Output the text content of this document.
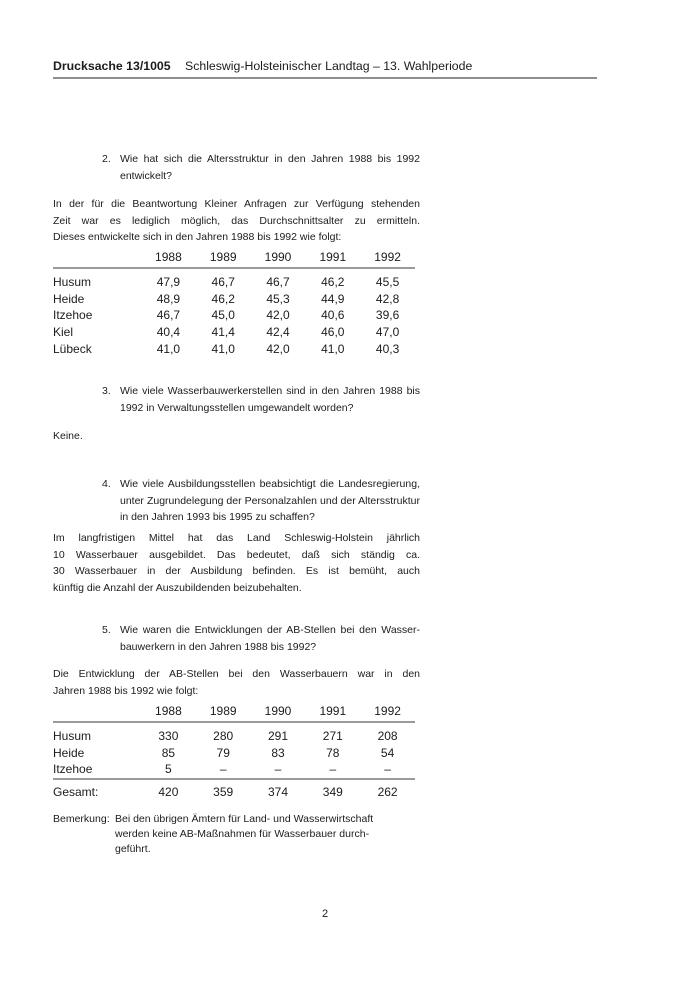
Drucksache 13/1005 Schleswig-Holsteinischer Landtag – 13. Wahlperiode
2. Wie hat sich die Altersstruktur in den Jahren 1988 bis 1992
entwickelt?
In der für die Beantwortung Kleiner Anfragen zur Verfügung stehenden
Zeit war es lediglich möglich, das Durchschnittsalter zu ermitteln.
Dieses entwickelte sich in den Jahren 1988 bis 1992 wie folgt:
1988	1989	1990	1991	1992
Husum	47,9	46,7	46,7	46,2	45,5
Heide	48,9	46,2	45,3	44,9	42,8
Itzehoe	46,7	45,0	42,0	40,6	39,6
Kiel	40,4	41,4	42,4	46,0	47,0
Lübeck	41,0	41,0	42,0	41,0	40,3
3. Wie viele Wasserbauwerkerstellen sind in den Jahren 1988 bis
1992 in Verwaltungsstellen umgewandelt worden?
Keine.
4. Wie viele Ausbildungsstellen beabsichtigt die Landesregierung,
unter Zugrundelegung der Personalzahlen und der Altersstruktur
in den Jahren 1993 bis 1995 zu schaffen?
Im langfristigen Mittel hat das Land Schleswig-Holstein jährlich
10 Wasserbauer ausgebildet. Das bedeutet, daß sich ständig ca.
30 Wasserbauer in der Ausbildung befinden. Es ist bemüht, auch
künftig die Anzahl der Auszubildenden beizubehalten.
5. Wie waren die Entwicklungen der AB-Stellen bei den Wasser-
bauwerkern in den Jahren 1988 bis 1992?
Die Entwicklung der AB-Stellen bei den Wasserbauern war in den
Jahren 1988 bis 1992 wie folgt:
1988	1989	1990	1991	1992
Husum	330	280	291	271	208
Heide	85	79	83	78	54
Itzehoe	5	–	–	–	–
Gesamt:	420	359	374	349	262
Bemerkung: Bei den übrigen Ämtern für Land- und Wasserwirtschaft
werden keine AB-Maßnahmen für Wasserbauer durch-
geführt.
2
